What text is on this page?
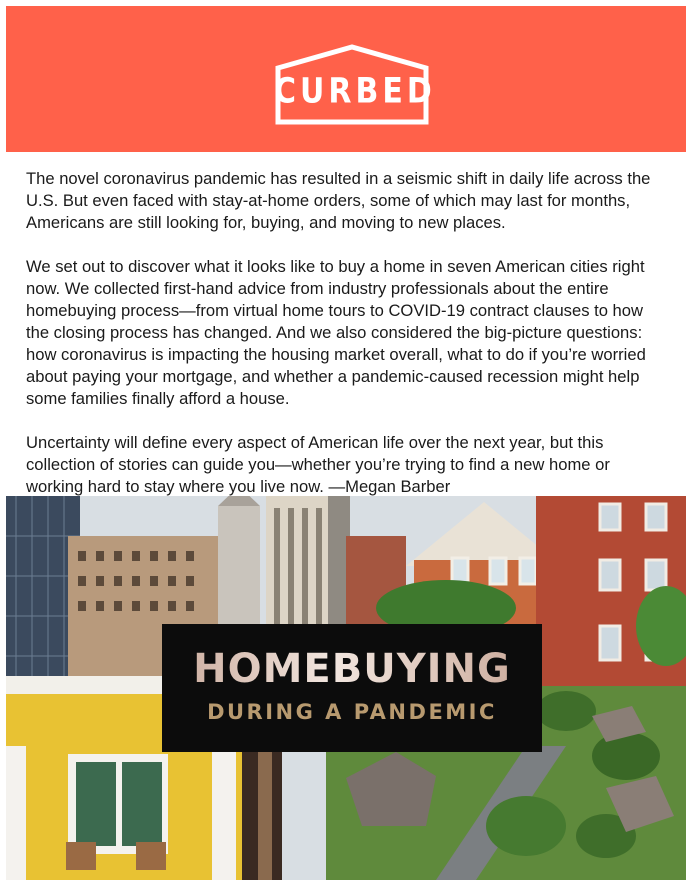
CURBED

The novel coronavirus pandemic has resulted in a seismic shift in daily life across the U.S. But even faced with stay-at-home orders, some of which may last for months, Americans are still looking for, buying, and moving to new places.

We set out to discover what it looks like to buy a home in seven American cities right now. We collected first-hand advice from industry professionals about the entire homebuying process—from virtual home tours to COVID-19 contract clauses to how the closing process has changed. And we also considered the big-picture questions: how coronavirus is impacting the housing market overall, what to do if you’re worried about paying your mortgage, and whether a pandemic-caused recession might help some families finally afford a house.

Uncertainty will define every aspect of American life over the next year, but this collection of stories can guide you—whether you’re trying to find a new home or working hard to stay where you live now. —Megan Barber

HOMEBUYING
DURING A PANDEMIC
